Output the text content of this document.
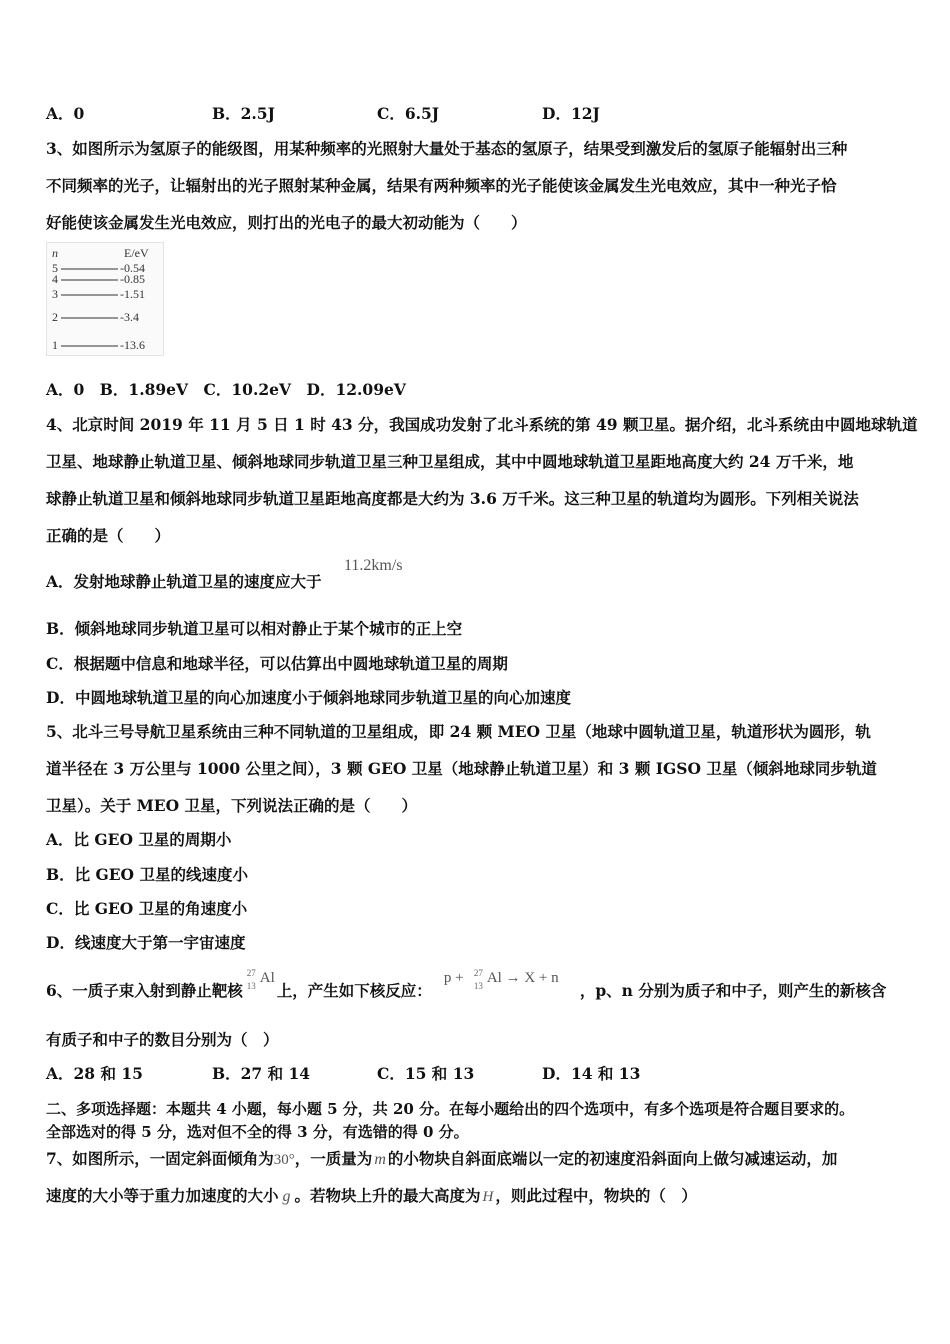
A．0	B．2.5J	C．6.5J	D．12J
3、如图所示为氢原子的能级图，用某种频率的光照射大量处于基态的氢原子，结果受到激发后的氢原子能辐射出三种
不同频率的光子，让辐射出的光子照射某种金属，结果有两种频率的光子能使该金属发生光电效应，其中一种光子恰
好能使该金属发生光电效应，则打出的光电子的最大初动能为（　　）
n	E/eV
5	-0.54
4	-0.85
3	-1.51
2	-3.4
1	-13.6
A．0　B．1.89eV　C．10.2eV　D．12.09eV
4、北京时间 2019 年 11 月 5 日 1 时 43 分，我国成功发射了北斗系统的第 49 颗卫星。据介绍，北斗系统由中圆地球轨道
卫星、地球静止轨道卫星、倾斜地球同步轨道卫星三种卫星组成，其中中圆地球轨道卫星距地高度大约 24 万千米，地
球静止轨道卫星和倾斜地球同步轨道卫星距地高度都是大约为 3.6 万千米。这三种卫星的轨道均为圆形。下列相关说法
正确的是（　　）
A．发射地球静止轨道卫星的速度应大于
11.2km/s
B．倾斜地球同步轨道卫星可以相对静止于某个城市的正上空
C．根据题中信息和地球半径，可以估算出中圆地球轨道卫星的周期
D．中圆地球轨道卫星的向心加速度小于倾斜地球同步轨道卫星的向心加速度
5、北斗三号导航卫星系统由三种不同轨道的卫星组成，即 24 颗 MEO 卫星（地球中圆轨道卫星，轨道形状为圆形，轨
道半径在 3 万公里与 1000 公里之间），3 颗 GEO 卫星（地球静止轨道卫星）和 3 颗 IGSO 卫星（倾斜地球同步轨道
卫星）。关于 MEO 卫星，下列说法正确的是（　　）
A．比 GEO 卫星的周期小
B．比 GEO 卫星的线速度小
C．比 GEO 卫星的角速度小
D．线速度大于第一宇宙速度
6、一质子束入射到静止靶核
27
13 Al
上，产生如下核反应：
p + 27
13 Al → X + n
，p、n 分别为质子和中子，则产生的新核含
有质子和中子的数目分别为（　）
A．28 和 15	B．27 和 14	C．15 和 13	D．14 和 13
二、多项选择题：本题共 4 小题，每小题 5 分，共 20 分。在每小题给出的四个选项中，有多个选项是符合题目要求的。
全部选对的得 5 分，选对但不全的得 3 分，有选错的得 0 分。
7、如图所示，一固定斜面倾角为30°，一质量为 m 的小物块自斜面底端以一定的初速度沿斜面向上做匀减速运动，加
速度的大小等于重力加速度的大小 g 。若物块上升的最大高度为 H ，则此过程中，物块的（　）
